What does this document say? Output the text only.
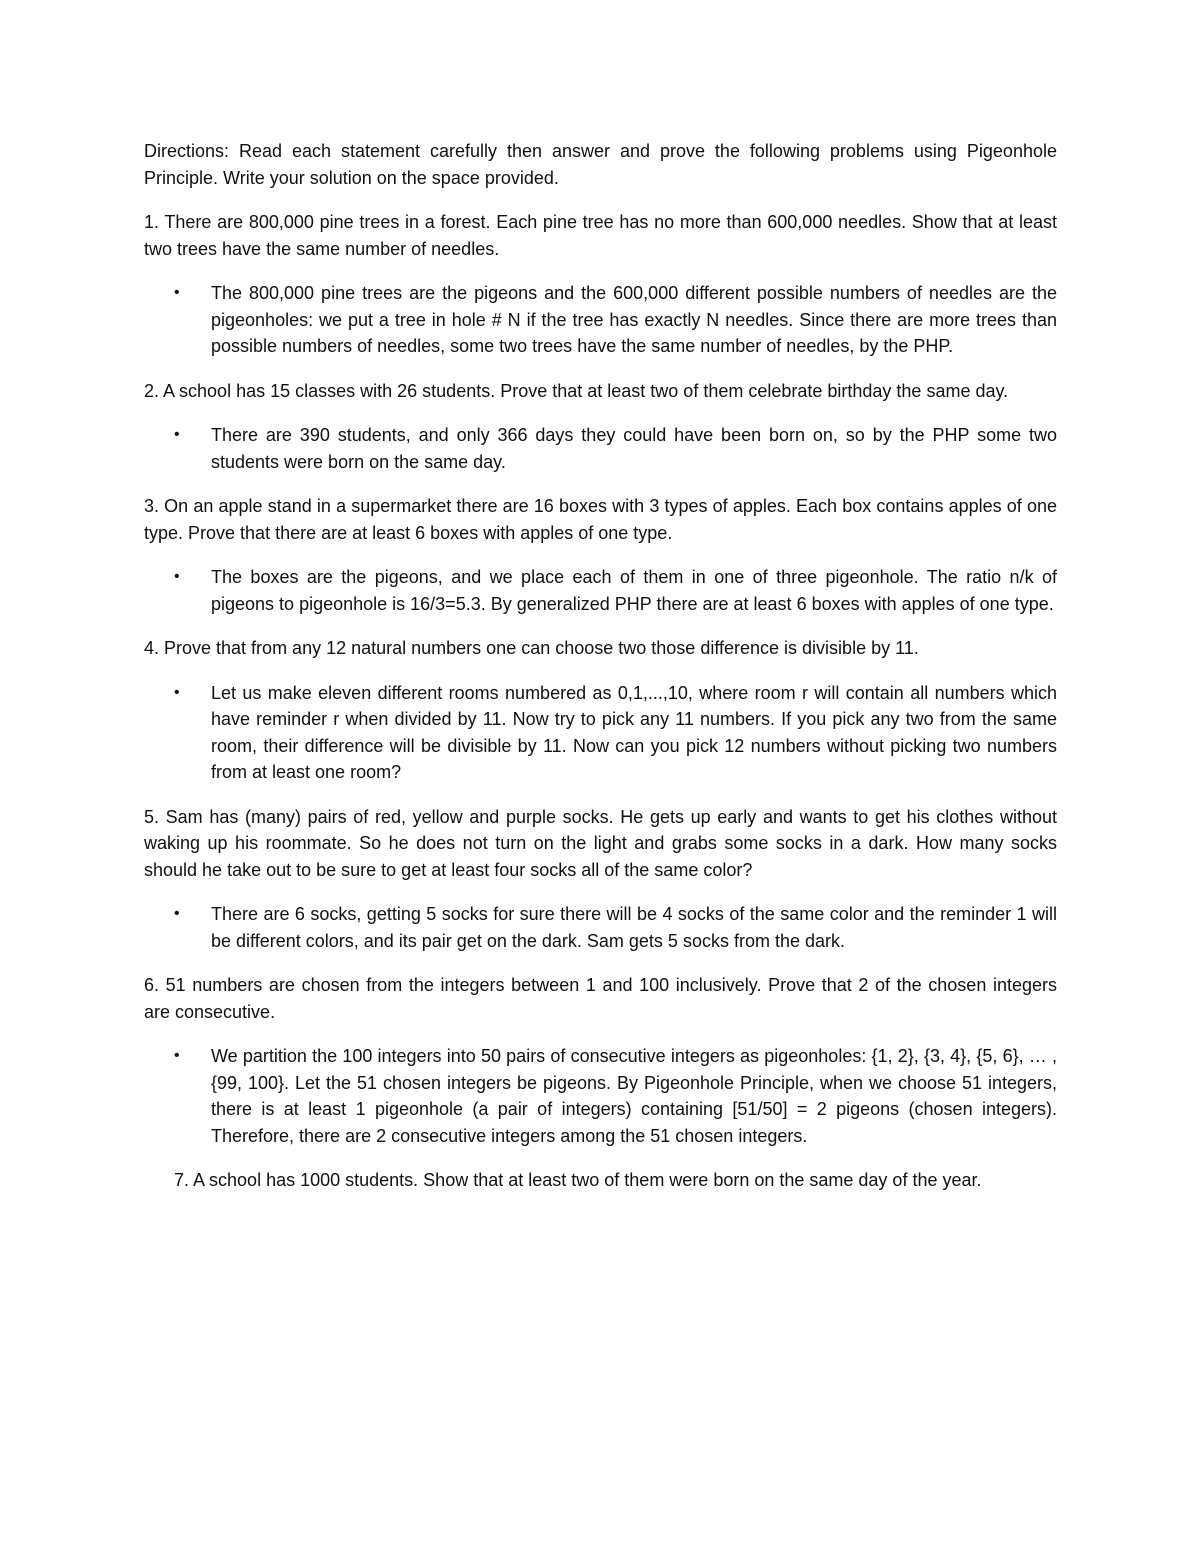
Directions: Read each statement carefully then answer and prove the following problems using Pigeonhole Principle. Write your solution on the space provided.

1. There are 800,000 pine trees in a forest. Each pine tree has no more than 600,000 needles. Show that at least two trees have the same number of needles.

• The 800,000 pine trees are the pigeons and the 600,000 different possible numbers of needles are the pigeonholes: we put a tree in hole # N if the tree has exactly N needles. Since there are more trees than possible numbers of needles, some two trees have the same number of needles, by the PHP.

2. A school has 15 classes with 26 students. Prove that at least two of them celebrate birthday the same day.

• There are 390 students, and only 366 days they could have been born on, so by the PHP some two students were born on the same day.

3. On an apple stand in a supermarket there are 16 boxes with 3 types of apples. Each box contains apples of one type. Prove that there are at least 6 boxes with apples of one type.

• The boxes are the pigeons, and we place each of them in one of three pigeonhole. The ratio n/k of pigeons to pigeonhole is 16/3=5.3. By generalized PHP there are at least 6 boxes with apples of one type.

4. Prove that from any 12 natural numbers one can choose two those difference is divisible by 11.

• Let us make eleven different rooms numbered as 0,1,...,10, where room r will contain all numbers which have reminder r when divided by 11. Now try to pick any 11 numbers. If you pick any two from the same room, their difference will be divisible by 11. Now can you pick 12 numbers without picking two numbers from at least one room?

5. Sam has (many) pairs of red, yellow and purple socks. He gets up early and wants to get his clothes without waking up his roommate. So he does not turn on the light and grabs some socks in a dark. How many socks should he take out to be sure to get at least four socks all of the same color?

• There are 6 socks, getting 5 socks for sure there will be 4 socks of the same color and the reminder 1 will be different colors, and its pair get on the dark. Sam gets 5 socks from the dark.

6. 51 numbers are chosen from the integers between 1 and 100 inclusively. Prove that 2 of the chosen integers are consecutive.

• We partition the 100 integers into 50 pairs of consecutive integers as pigeonholes: {1, 2}, {3, 4}, {5, 6}, … , {99, 100}. Let the 51 chosen integers be pigeons. By Pigeonhole Principle, when we choose 51 integers, there is at least 1 pigeonhole (a pair of integers) containing [51/50] = 2 pigeons (chosen integers). Therefore, there are 2 consecutive integers among the 51 chosen integers.

7. A school has 1000 students. Show that at least two of them were born on the same day of the year.
